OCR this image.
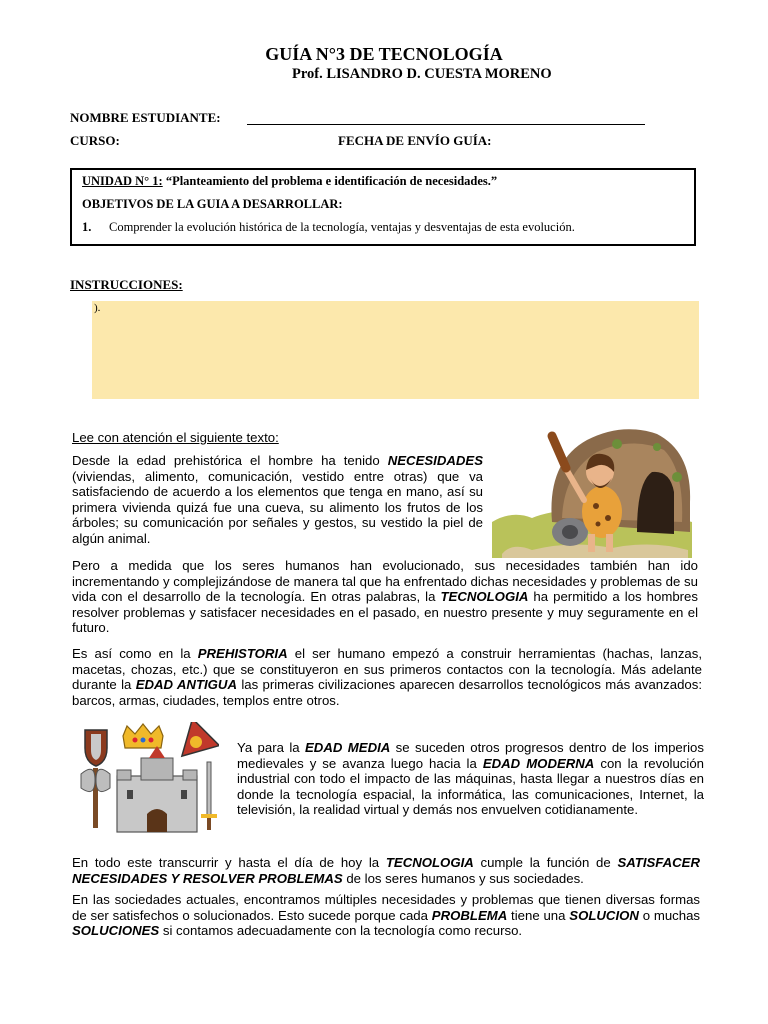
GUÍA N°3 DE TECNOLOGÍA
Prof. LISANDRO D. CUESTA MORENO
NOMBRE ESTUDIANTE:
CURSO:	FECHA DE ENVÍO GUÍA:
UNIDAD N° 1: “Planteamiento del problema e identificación de necesidades.”
OBJETIVOS DE LA GUIA A DESARROLLAR:
1. Comprender la evolución histórica de la tecnología, ventajas y desventajas de esta evolución.
INSTRUCCIONES:
).
Lee con atención el siguiente texto:
Desde la edad prehistórica el hombre ha tenido NECESIDADES (viviendas, alimento, comunicación, vestido entre otras) que va satisfaciendo de acuerdo a los elementos que tenga en mano, así su primera vivienda quizá fue una cueva, su alimento los frutos de los árboles; su comunicación por señales y gestos, su vestido la piel de algún animal.
Pero a medida que los seres humanos han evolucionado, sus necesidades también han ido incrementando y complejizándose de manera tal que ha enfrentado dichas necesidades y problemas de su vida con el desarrollo de la tecnología. En otras palabras, la TECNOLOGIA ha permitido a los hombres resolver problemas y satisfacer necesidades en el pasado, en nuestro presente y muy seguramente en el futuro.
Es así como en la PREHISTORIA el ser humano empezó a construir herramientas (hachas, lanzas, macetas, chozas, etc.) que se constituyeron en sus primeros contactos con la tecnología. Más adelante durante la EDAD ANTIGUA las primeras civilizaciones aparecen desarrollos tecnológicos más avanzados: barcos, armas, ciudades, templos entre otros.
Ya para la EDAD MEDIA se suceden otros progresos dentro de los imperios medievales y se avanza luego hacia la EDAD MODERNA con la revolución industrial con todo el impacto de las máquinas, hasta llegar a nuestros días en donde la tecnología espacial, la informática, las comunicaciones, Internet, la televisión, la realidad virtual y demás nos envuelven cotidianamente.
En todo este transcurrir y hasta el día de hoy la TECNOLOGIA cumple la función de SATISFACER NECESIDADES Y RESOLVER PROBLEMAS de los seres humanos y sus sociedades.
En las sociedades actuales, encontramos múltiples necesidades y problemas que tienen diversas formas de ser satisfechos o solucionados. Esto sucede porque cada PROBLEMA tiene una SOLUCION o muchas SOLUCIONES si contamos adecuadamente con la tecnología como recurso.
